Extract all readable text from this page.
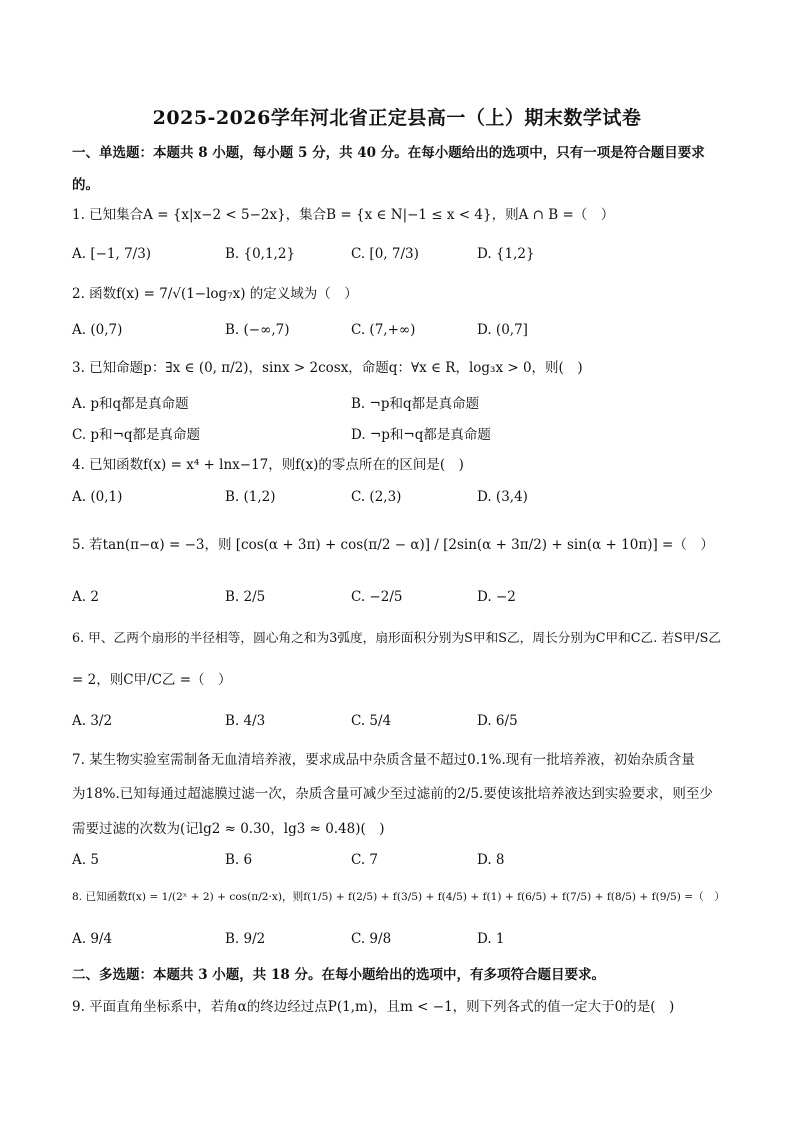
2025-2026学年河北省正定县高一（上）期末数学试卷
一、单选题：本题共 8 小题，每小题 5 分，共 40 分。在每小题给出的选项中，只有一项是符合题目要求
的。
1. 已知集合A = {x|x−2 < 5−2x}，集合B = {x ∈ N|−1 ≤ x < 4}，则A ∩ B =（　）
A. [−1, 7/3)	B. {0,1,2}	C. [0, 7/3)	D. {1,2}
2. 函数f(x) = 7/√(1−log₇x) 的定义域为（　）
A. (0,7)	B. (−∞,7)	C. (7,+∞)	D. (0,7]
3. 已知命题p：∃x ∈ (0, π/2)，sinx > 2cosx，命题q：∀x ∈ R，log₃x > 0，则(　)
A. p和q都是真命题	B. ¬p和q都是真命题
C. p和¬q都是真命题	D. ¬p和¬q都是真命题
4. 已知函数f(x) = x⁴ + lnx−17，则f(x)的零点所在的区间是(　)
A. (0,1)	B. (1,2)	C. (2,3)	D. (3,4)
5. 若tan(π−α) = −3，则 [cos(α + 3π) + cos(π/2 − α)] / [2sin(α + 3π/2) + sin(α + 10π)] =（　）
A. 2	B. 2/5	C. −2/5	D. −2
6. 甲、乙两个扇形的半径相等，圆心角之和为3弧度，扇形面积分别为S甲和S乙，周长分别为C甲和C乙. 若S甲/S乙
= 2，则C甲/C乙 =（　）
A. 3/2	B. 4/3	C. 5/4	D. 6/5
7. 某生物实验室需制备无血清培养液，要求成品中杂质含量不超过0.1%.现有一批培养液，初始杂质含量
为18%.已知每通过超滤膜过滤一次，杂质含量可减少至过滤前的2/5.要使该批培养液达到实验要求，则至少
需要过滤的次数为(记lg2 ≈ 0.30，lg3 ≈ 0.48)(　)
A. 5	B. 6	C. 7	D. 8
8. 已知函数f(x) = 1/(2ˣ + 2) + cos(π/2·x)，则f(1/5) + f(2/5) + f(3/5) + f(4/5) + f(1) + f(6/5) + f(7/5) + f(8/5) + f(9/5) =（　）
A. 9/4	B. 9/2	C. 9/8	D. 1
二、多选题：本题共 3 小题，共 18 分。在每小题给出的选项中，有多项符合题目要求。
9. 平面直角坐标系中，若角α的终边经过点P(1,m)，且m < −1，则下列各式的值一定大于0的是(　)
